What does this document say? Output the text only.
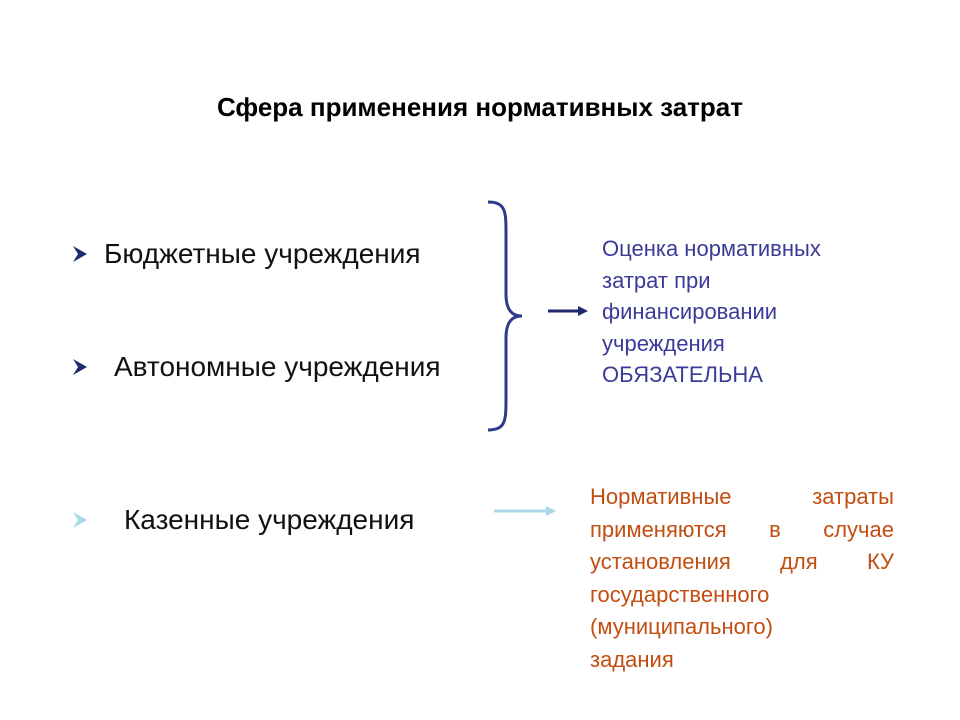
Сфера применения нормативных затрат
Бюджетные учреждения
Автономные учреждения
Казенные учреждения
Оценка нормативных
затрат при
финансировании
учреждения
ОБЯЗАТЕЛЬНА
Нормативные	затраты
применяются в случае
установления для КУ
государственного
(муниципального)
задания
